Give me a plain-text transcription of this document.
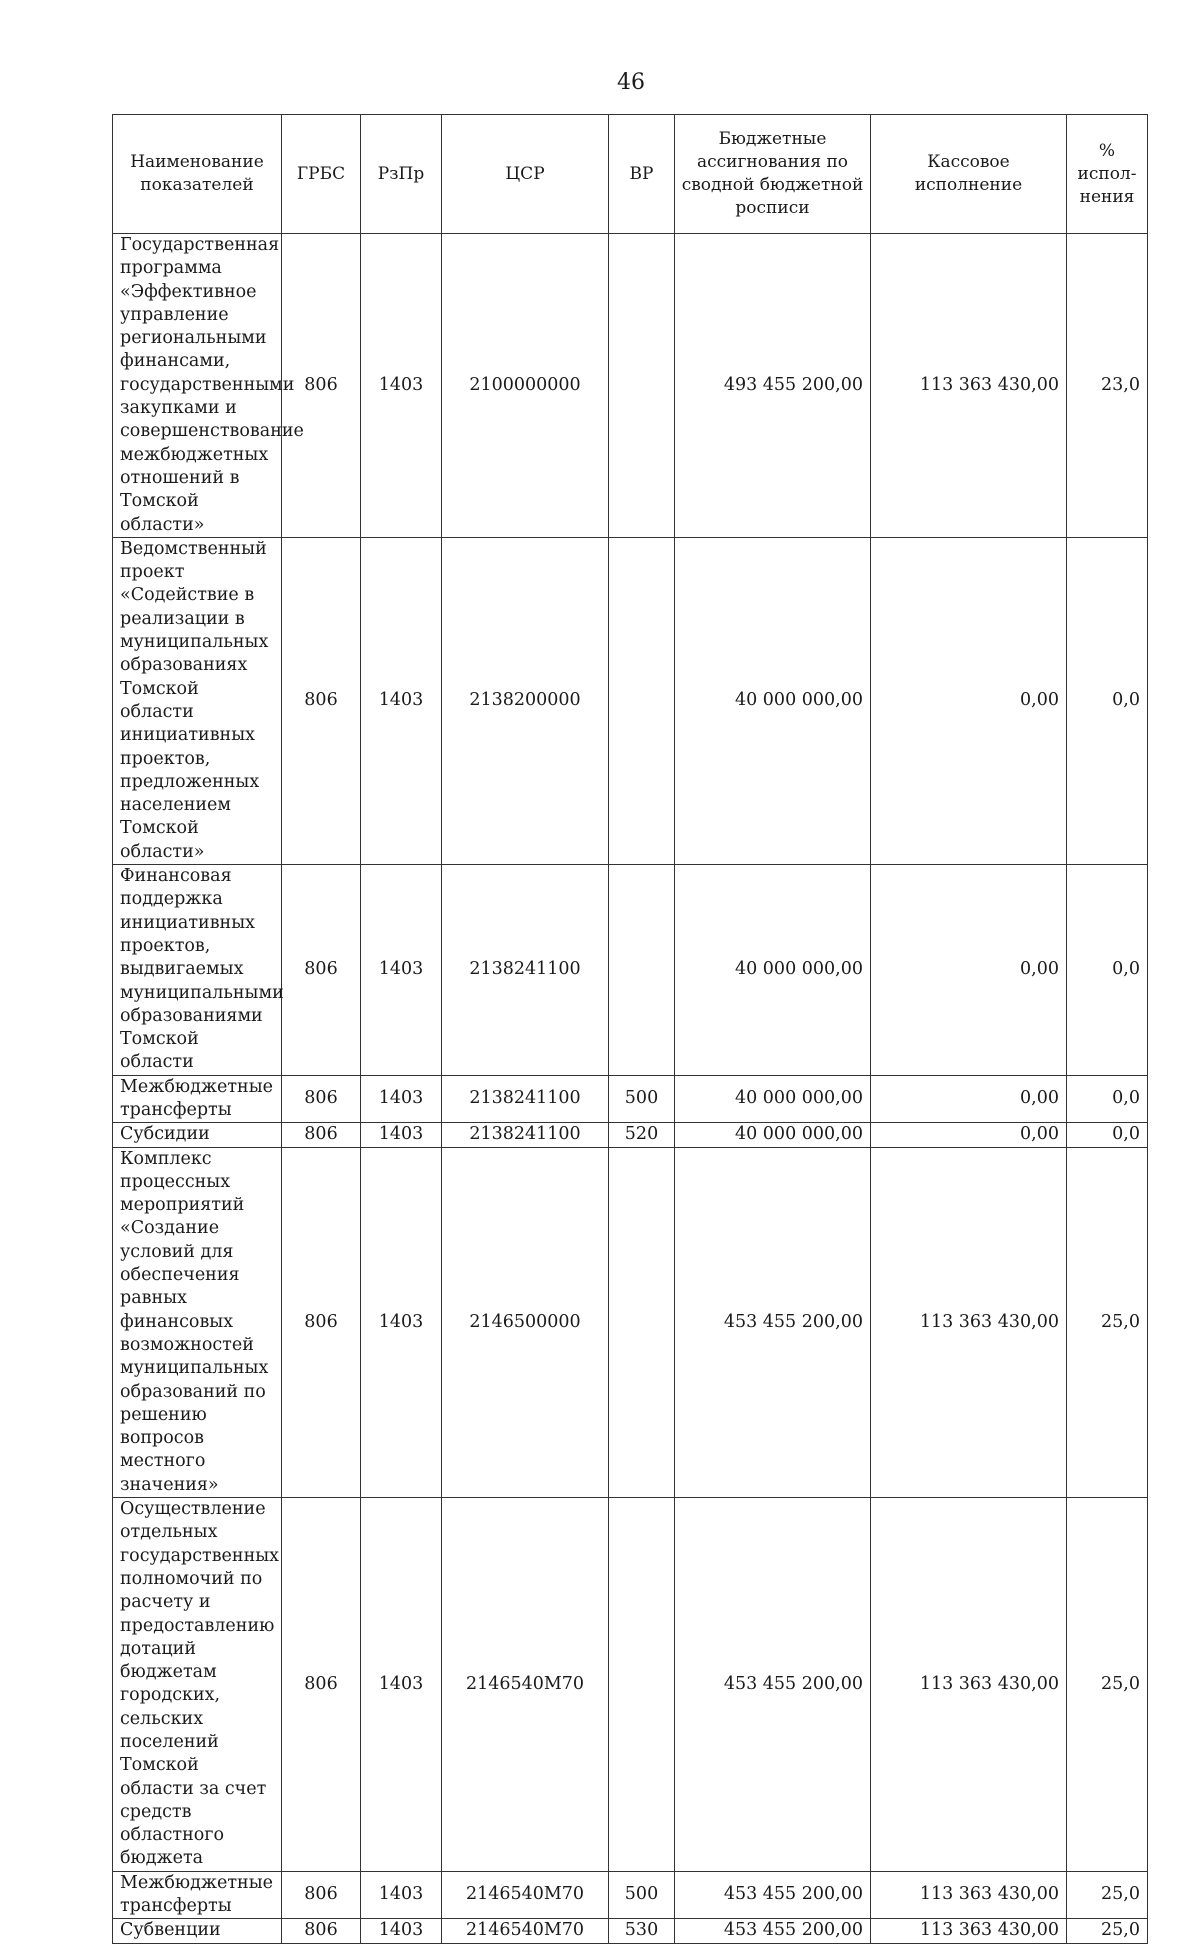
46
Наименование показателей	ГРБС	РзПр	ЦСР	ВР	Бюджетные ассигнования по сводной бюджетной росписи	Кассовое исполнение	% испол-нения
Государственная программа «Эффективное управление региональными финансами, государственными закупками и совершенствование межбюджетных отношений в Томской области»	806	1403	2100000000		493 455 200,00	113 363 430,00	23,0
Ведомственный проект «Содействие в реализации в муниципальных образованиях Томской области инициативных проектов, предложенных населением Томской области»	806	1403	2138200000		40 000 000,00	0,00	0,0
Финансовая поддержка инициативных проектов, выдвигаемых муниципальными образованиями Томской области	806	1403	2138241100		40 000 000,00	0,00	0,0
Межбюджетные трансферты	806	1403	2138241100	500	40 000 000,00	0,00	0,0
Субсидии	806	1403	2138241100	520	40 000 000,00	0,00	0,0
Комплекс процессных мероприятий «Создание условий для обеспечения равных финансовых возможностей муниципальных образований по решению вопросов местного значения»	806	1403	2146500000		453 455 200,00	113 363 430,00	25,0
Осуществление отдельных государственных полномочий по расчету и предоставлению дотаций бюджетам городских, сельских поселений Томской области за счет средств областного бюджета	806	1403	2146540М70		453 455 200,00	113 363 430,00	25,0
Межбюджетные трансферты	806	1403	2146540М70	500	453 455 200,00	113 363 430,00	25,0
Субвенции	806	1403	2146540М70	530	453 455 200,00	113 363 430,00	25,0
